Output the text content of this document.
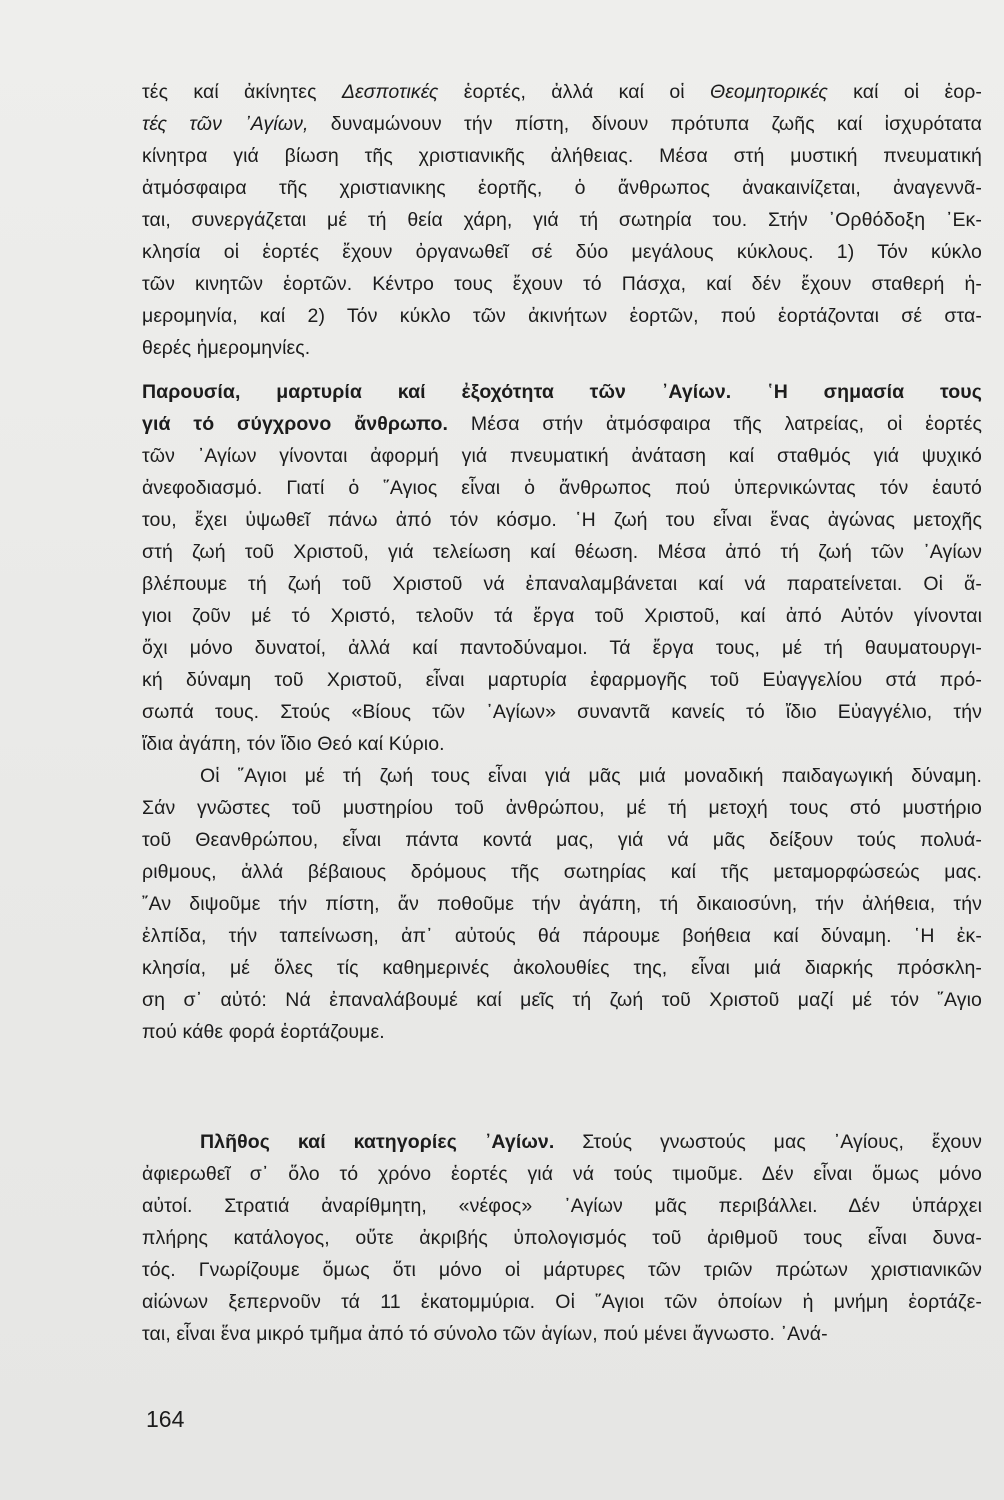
τές καί ἀκίνητες Δεσποτικές ἑορτές, ἀλλά καί οἱ Θεομητορικές καί οἱ ἑορ-
τές τῶν ᾿Αγίων, δυναμώνουν τήν πίστη, δίνουν πρότυπα ζωῆς καί ἰσχυρότατα
κίνητρα γιά βίωση τῆς χριστιανικῆς ἀλήθειας. Μέσα στή μυστική πνευματική
ἀτμόσφαιρα τῆς χριστιανικης ἑορτῆς, ὁ ἄνθρωπος ἀνακαινίζεται, ἀναγεννᾶ-
ται, συνεργάζεται μέ τή θεία χάρη, γιά τή σωτηρία του. Στήν ᾿Ορθόδοξη ᾿Εκ-
κλησία οἱ ἑορτές ἔχουν ὀργανωθεῖ σέ δύο μεγάλους κύκλους. 1) Τόν κύκλο
τῶν κινητῶν ἑορτῶν. Κέντρο τους ἔχουν τό Πάσχα, καί δέν ἔχουν σταθερή ἡ-
μερομηνία, καί 2) Τόν κύκλο τῶν ἀκινήτων ἑορτῶν, πού ἑορτάζονται σέ στα-
θερές ἡμερομηνίες.
Παρουσία, μαρτυρία καί ἐξοχότητα τῶν ᾿Αγίων. ῾Η σημασία τους
γιά τό σύγχρονο ἄνθρωπο. Μέσα στήν ἀτμόσφαιρα τῆς λατρείας, οἱ ἑορτές
τῶν ᾿Αγίων γίνονται ἀφορμή γιά πνευματική ἀνάταση καί σταθμός γιά ψυχικό
ἀνεφοδιασμό. Γιατί ὁ ῞Αγιος εἶναι ὁ ἄνθρωπος πού ὑπερνικώντας τόν ἑαυτό
του, ἔχει ὑψωθεῖ πάνω ἀπό τόν κόσμο. ῾Η ζωή του εἶναι ἕνας ἀγώνας μετοχῆς
στή ζωή τοῦ Χριστοῦ, γιά τελείωση καί θέωση. Μέσα ἀπό τή ζωή τῶν ᾿Αγίων
βλέπουμε τή ζωή τοῦ Χριστοῦ νά ἐπαναλαμβάνεται καί νά παρατείνεται. Οἱ ἅ-
γιοι ζοῦν μέ τό Χριστό, τελοῦν τά ἔργα τοῦ Χριστοῦ, καί ἀπό Αὐτόν γίνονται
ὄχι μόνο δυνατοί, ἀλλά καί παντοδύναμοι. Τά ἔργα τους, μέ τή θαυματουργι-
κή δύναμη τοῦ Χριστοῦ, εἶναι μαρτυρία ἐφαρμογῆς τοῦ Εὐαγγελίου στά πρό-
σωπά τους. Στούς «Βίους τῶν ᾿Αγίων» συναντᾶ κανείς τό ἴδιο Εὐαγγέλιο, τήν
ἴδια ἀγάπη, τόν ἴδιο Θεό καί Κύριο.
Οἱ ῞Αγιοι μέ τή ζωή τους εἶναι γιά μᾶς μιά μοναδική παιδαγωγική δύναμη.
Σάν γνῶστες τοῦ μυστηρίου τοῦ ἀνθρώπου, μέ τή μετοχή τους στό μυστήριο
τοῦ Θεανθρώπου, εἶναι πάντα κοντά μας, γιά νά μᾶς δείξουν τούς πολυά-
ριθμους, ἀλλά βέβαιους δρόμους τῆς σωτηρίας καί τῆς μεταμορφώσεώς μας.
῎Αν διψοῦμε τήν πίστη, ἄν ποθοῦμε τήν ἀγάπη, τή δικαιοσύνη, τήν ἀλήθεια, τήν
ἐλπίδα, τήν ταπείνωση, ἀπ᾿ αὐτούς θά πάρουμε βοήθεια καί δύναμη. ῾Η ἐκ-
κλησία, μέ ὅλες τίς καθημερινές ἀκολουθίες της, εἶναι μιά διαρκής πρόσκλη-
ση σ᾿ αὐτό: Νά ἐπαναλάβουμέ καί μεῖς τή ζωή τοῦ Χριστοῦ μαζί μέ τόν ῞Αγιο
πού κάθε φορά ἑορτάζουμε.
Πλῆθος καί κατηγορίες ᾿Αγίων. Στούς γνωστούς μας ᾿Αγίους, ἔχουν
ἀφιερωθεῖ σ᾿ ὅλο τό χρόνο ἑορτές γιά νά τούς τιμοῦμε. Δέν εἶναι ὅμως μόνο
αὐτοί. Στρατιά ἀναρίθμητη, «νέφος» ᾿Αγίων μᾶς περιβάλλει. Δέν ὑπάρχει
πλήρης κατάλογος, οὔτε ἀκριβής ὑπολογισμός τοῦ ἀριθμοῦ τους εἶναι δυνα-
τός. Γνωρίζουμε ὅμως ὅτι μόνο οἱ μάρτυρες τῶν τριῶν πρώτων χριστιανικῶν
αἰώνων ξεπερνοῦν τά 11 ἑκατομμύρια. Οἱ ῞Αγιοι τῶν ὁποίων ἡ μνήμη ἑορτάζε-
ται, εἶναι ἕνα μικρό τμῆμα ἀπό τό σύνολο τῶν ἁγίων, πού μένει ἄγνωστο. ᾿Ανά-
164
